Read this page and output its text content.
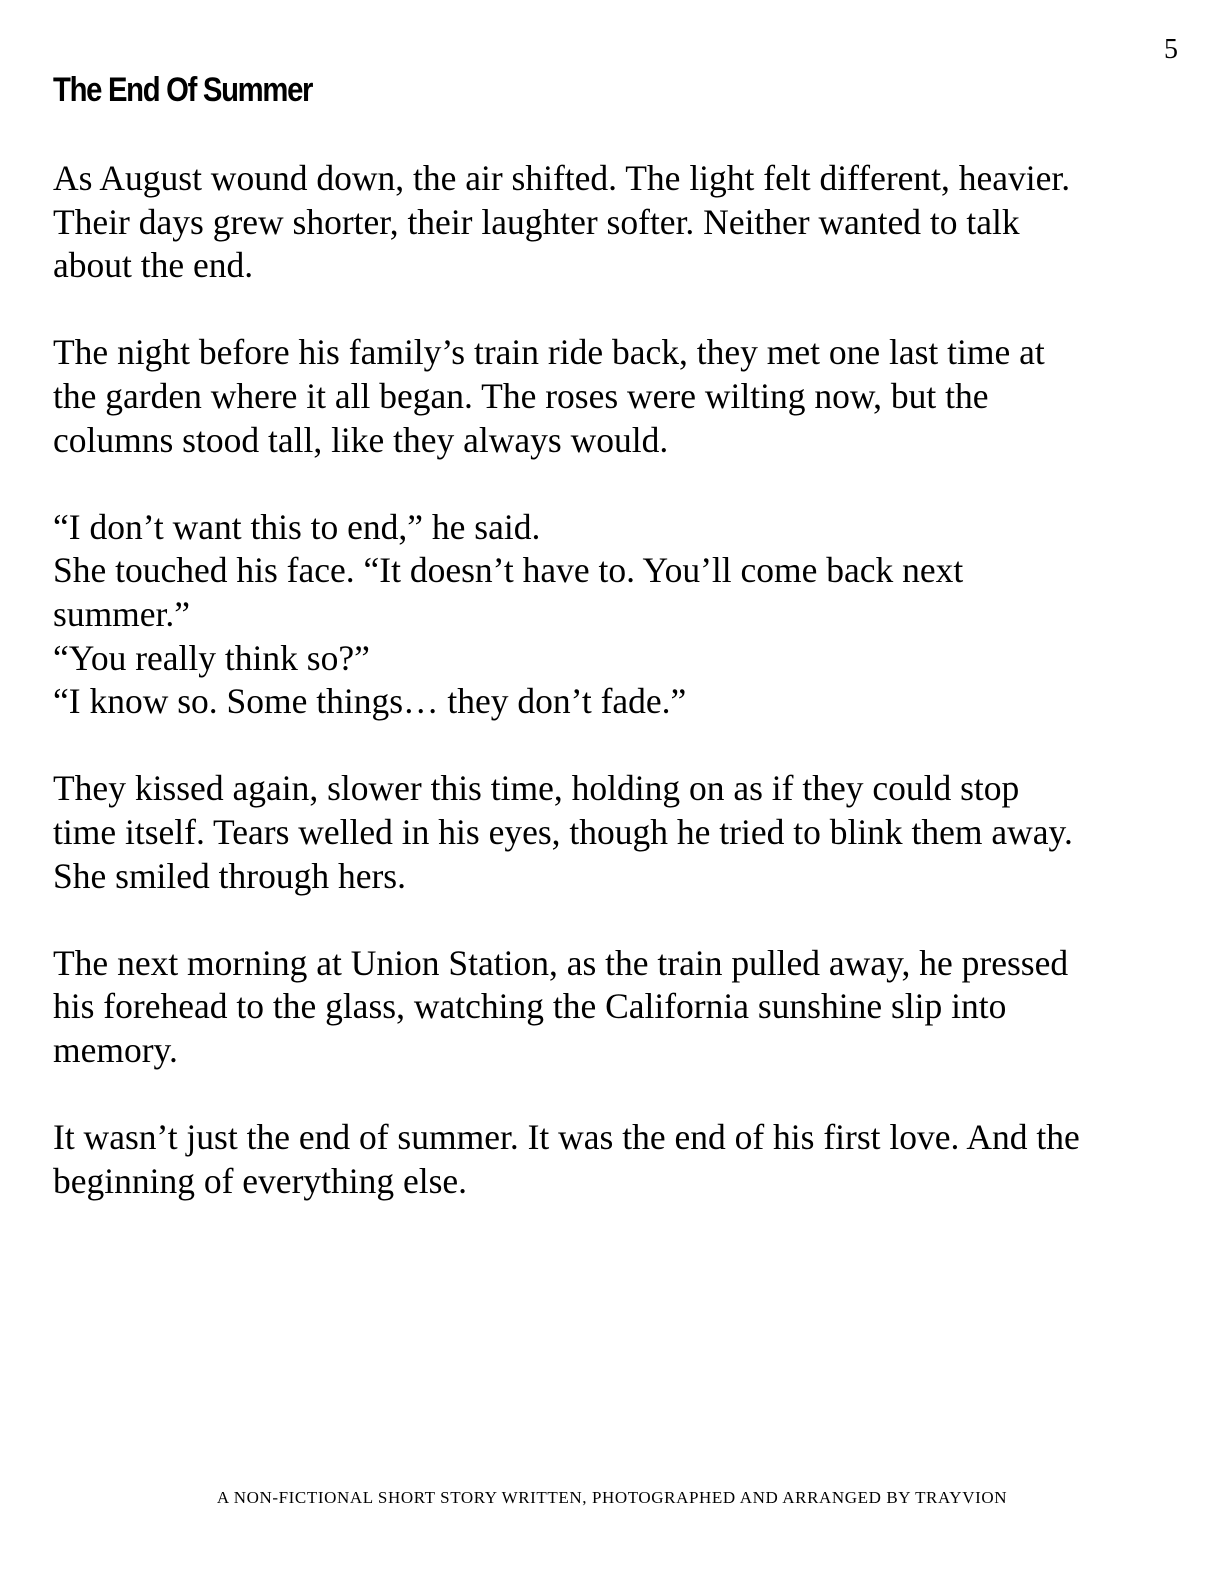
5
The End Of Summer

As August wound down, the air shifted. The light felt different, heavier.
Their days grew shorter, their laughter softer. Neither wanted to talk
about the end.

The night before his family’s train ride back, they met one last time at
the garden where it all began. The roses were wilting now, but the
columns stood tall, like they always would.

“I don’t want this to end,” he said.
She touched his face. “It doesn’t have to. You’ll come back next
summer.”
“You really think so?”
“I know so. Some things… they don’t fade.”

They kissed again, slower this time, holding on as if they could stop
time itself. Tears welled in his eyes, though he tried to blink them away.
She smiled through hers.

The next morning at Union Station, as the train pulled away, he pressed
his forehead to the glass, watching the California sunshine slip into
memory.

It wasn’t just the end of summer. It was the end of his first love. And the
beginning of everything else.

A NON-FICTIONAL SHORT STORY WRITTEN, PHOTOGRAPHED AND ARRANGED BY TRAYVION
